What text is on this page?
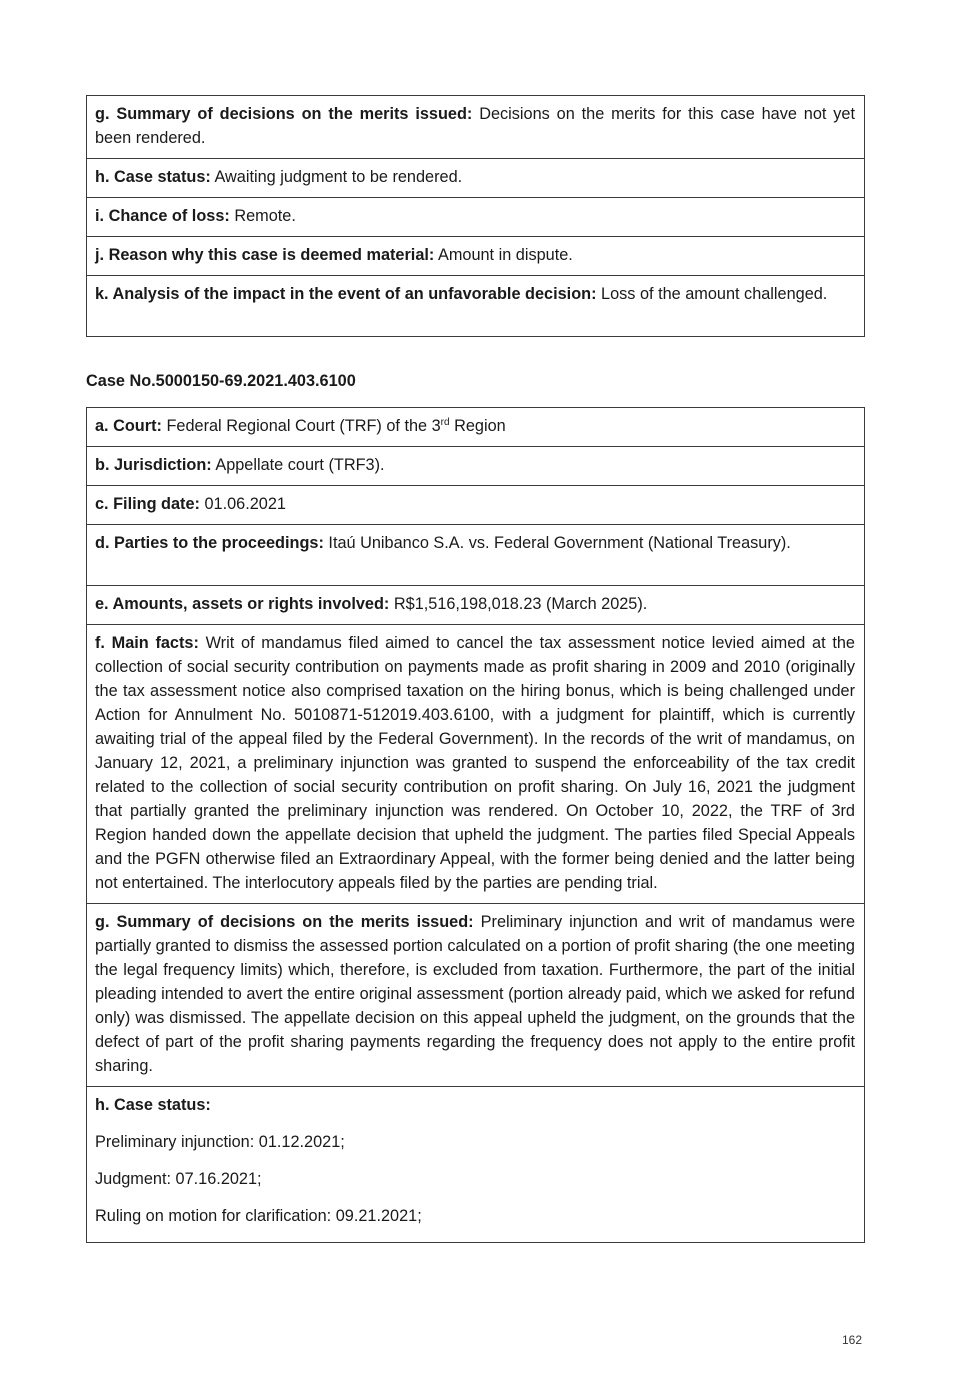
g. Summary of decisions on the merits issued: Decisions on the merits for this case have not yet been rendered.
h. Case status: Awaiting judgment to be rendered.
i. Chance of loss: Remote.
j. Reason why this case is deemed material: Amount in dispute.
k. Analysis of the impact in the event of an unfavorable decision: Loss of the amount challenged.
Case No.5000150-69.2021.403.6100
a. Court: Federal Regional Court (TRF) of the 3rd Region
b. Jurisdiction: Appellate court (TRF3).
c. Filing date: 01.06.2021
d. Parties to the proceedings: Itaú Unibanco S.A. vs. Federal Government (National Treasury).
e. Amounts, assets or rights involved: R$1,516,198,018.23 (March 2025).
f. Main facts: Writ of mandamus filed aimed to cancel the tax assessment notice levied aimed at the collection of social security contribution on payments made as profit sharing in 2009 and 2010 (originally the tax assessment notice also comprised taxation on the hiring bonus, which is being challenged under Action for Annulment No. 5010871-512019.403.6100, with a judgment for plaintiff, which is currently awaiting trial of the appeal filed by the Federal Government). In the records of the writ of mandamus, on January 12, 2021, a preliminary injunction was granted to suspend the enforceability of the tax credit related to the collection of social security contribution on profit sharing. On July 16, 2021 the judgment that partially granted the preliminary injunction was rendered. On October 10, 2022, the TRF of 3rd Region handed down the appellate decision that upheld the judgment. The parties filed Special Appeals and the PGFN otherwise filed an Extraordinary Appeal, with the former being denied and the latter being not entertained. The interlocutory appeals filed by the parties are pending trial.
g. Summary of decisions on the merits issued: Preliminary injunction and writ of mandamus were partially granted to dismiss the assessed portion calculated on a portion of profit sharing (the one meeting the legal frequency limits) which, therefore, is excluded from taxation. Furthermore, the part of the initial pleading intended to avert the entire original assessment (portion already paid, which we asked for refund only) was dismissed. The appellate decision on this appeal upheld the judgment, on the grounds that the defect of part of the profit sharing payments regarding the frequency does not apply to the entire profit sharing.

h. Case status:

Preliminary injunction: 01.12.2021;

Judgment: 07.16.2021;

Ruling on motion for clarification: 09.21.2021;

162
